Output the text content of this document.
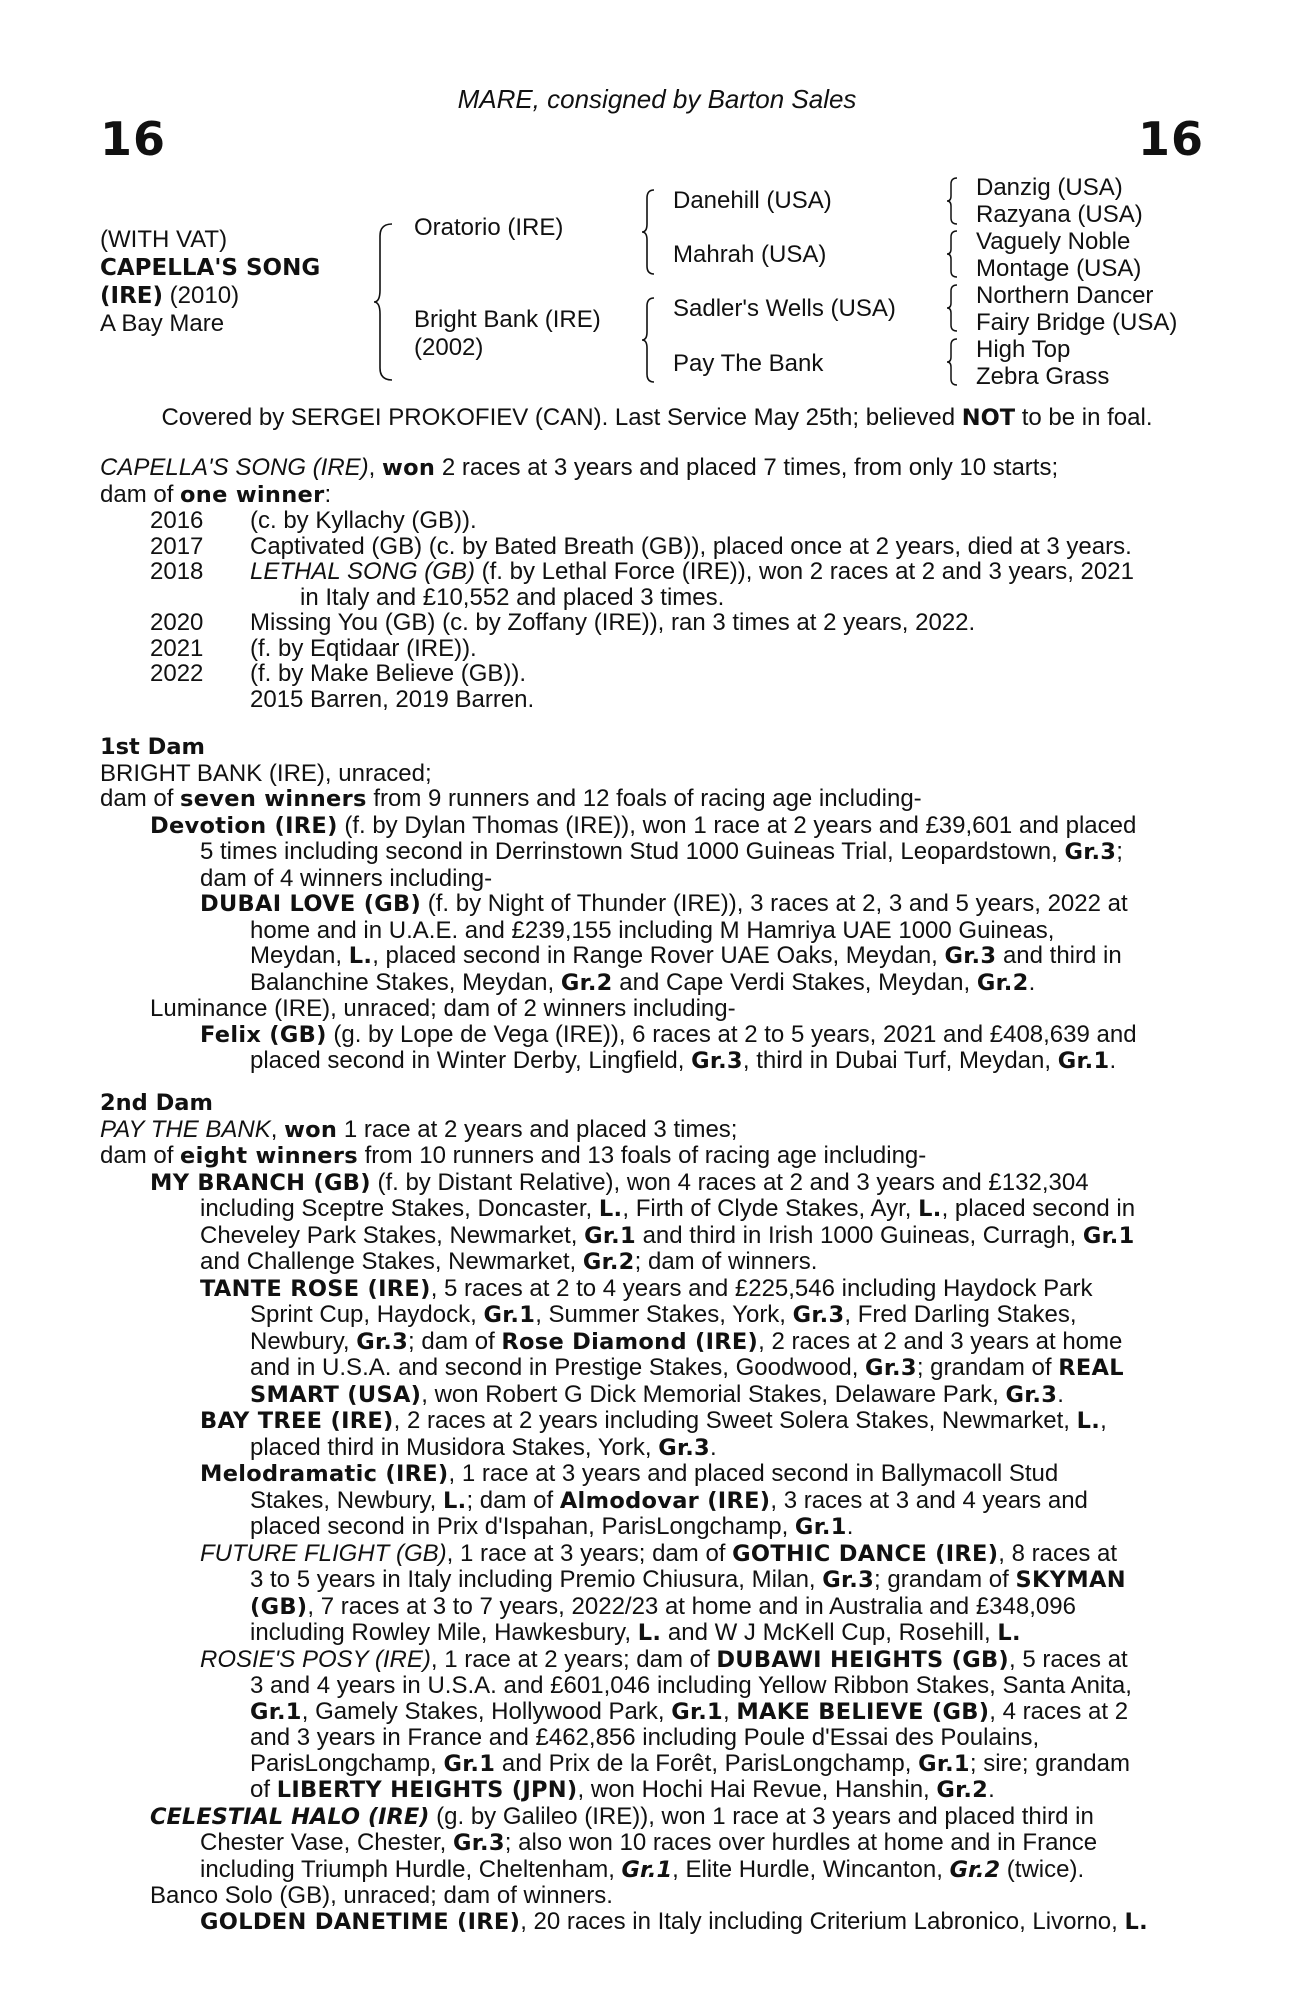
MARE, consigned by Barton Sales
16	16
(WITH VAT)
CAPELLA'S SONG
(IRE) (2010)
A Bay Mare
Oratorio (IRE)
Bright Bank (IRE)
(2002)
Danehill (USA)
Mahrah (USA)
Sadler's Wells (USA)
Pay The Bank
Danzig (USA)
Razyana (USA)
Vaguely Noble
Montage (USA)
Northern Dancer
Fairy Bridge (USA)
High Top
Zebra Grass
Covered by SERGEI PROKOFIEV (CAN). Last Service May 25th; believed NOT to be in foal.
CAPELLA'S SONG (IRE), won 2 races at 3 years and placed 7 times, from only 10 starts;
dam of one winner:
2016 (c. by Kyllachy (GB)).
2017 Captivated (GB) (c. by Bated Breath (GB)), placed once at 2 years, died at 3 years.
2018 LETHAL SONG (GB) (f. by Lethal Force (IRE)), won 2 races at 2 and 3 years, 2021
in Italy and £10,552 and placed 3 times.
2020 Missing You (GB) (c. by Zoffany (IRE)), ran 3 times at 2 years, 2022.
2021 (f. by Eqtidaar (IRE)).
2022 (f. by Make Believe (GB)).
2015 Barren, 2019 Barren.
1st Dam
BRIGHT BANK (IRE), unraced;
dam of seven winners from 9 runners and 12 foals of racing age including-
Devotion (IRE) (f. by Dylan Thomas (IRE)), won 1 race at 2 years and £39,601 and placed
5 times including second in Derrinstown Stud 1000 Guineas Trial, Leopardstown, Gr.3;
dam of 4 winners including-
DUBAI LOVE (GB) (f. by Night of Thunder (IRE)), 3 races at 2, 3 and 5 years, 2022 at
home and in U.A.E. and £239,155 including M Hamriya UAE 1000 Guineas,
Meydan, L., placed second in Range Rover UAE Oaks, Meydan, Gr.3 and third in
Balanchine Stakes, Meydan, Gr.2 and Cape Verdi Stakes, Meydan, Gr.2.
Luminance (IRE), unraced; dam of 2 winners including-
Felix (GB) (g. by Lope de Vega (IRE)), 6 races at 2 to 5 years, 2021 and £408,639 and
placed second in Winter Derby, Lingfield, Gr.3, third in Dubai Turf, Meydan, Gr.1.
2nd Dam
PAY THE BANK, won 1 race at 2 years and placed 3 times;
dam of eight winners from 10 runners and 13 foals of racing age including-
MY BRANCH (GB) (f. by Distant Relative), won 4 races at 2 and 3 years and £132,304
including Sceptre Stakes, Doncaster, L., Firth of Clyde Stakes, Ayr, L., placed second in
Cheveley Park Stakes, Newmarket, Gr.1 and third in Irish 1000 Guineas, Curragh, Gr.1
and Challenge Stakes, Newmarket, Gr.2; dam of winners.
TANTE ROSE (IRE), 5 races at 2 to 4 years and £225,546 including Haydock Park
Sprint Cup, Haydock, Gr.1, Summer Stakes, York, Gr.3, Fred Darling Stakes,
Newbury, Gr.3; dam of Rose Diamond (IRE), 2 races at 2 and 3 years at home
and in U.S.A. and second in Prestige Stakes, Goodwood, Gr.3; grandam of REAL
SMART (USA), won Robert G Dick Memorial Stakes, Delaware Park, Gr.3.
BAY TREE (IRE), 2 races at 2 years including Sweet Solera Stakes, Newmarket, L.,
placed third in Musidora Stakes, York, Gr.3.
Melodramatic (IRE), 1 race at 3 years and placed second in Ballymacoll Stud
Stakes, Newbury, L.; dam of Almodovar (IRE), 3 races at 3 and 4 years and
placed second in Prix d'Ispahan, ParisLongchamp, Gr.1.
FUTURE FLIGHT (GB), 1 race at 3 years; dam of GOTHIC DANCE (IRE), 8 races at
3 to 5 years in Italy including Premio Chiusura, Milan, Gr.3; grandam of SKYMAN
(GB), 7 races at 3 to 7 years, 2022/23 at home and in Australia and £348,096
including Rowley Mile, Hawkesbury, L. and W J McKell Cup, Rosehill, L.
ROSIE'S POSY (IRE), 1 race at 2 years; dam of DUBAWI HEIGHTS (GB), 5 races at
3 and 4 years in U.S.A. and £601,046 including Yellow Ribbon Stakes, Santa Anita,
Gr.1, Gamely Stakes, Hollywood Park, Gr.1, MAKE BELIEVE (GB), 4 races at 2
and 3 years in France and £462,856 including Poule d'Essai des Poulains,
ParisLongchamp, Gr.1 and Prix de la Forêt, ParisLongchamp, Gr.1; sire; grandam
of LIBERTY HEIGHTS (JPN), won Hochi Hai Revue, Hanshin, Gr.2.
CELESTIAL HALO (IRE) (g. by Galileo (IRE)), won 1 race at 3 years and placed third in
Chester Vase, Chester, Gr.3; also won 10 races over hurdles at home and in France
including Triumph Hurdle, Cheltenham, Gr.1, Elite Hurdle, Wincanton, Gr.2 (twice).
Banco Solo (GB), unraced; dam of winners.
GOLDEN DANETIME (IRE), 20 races in Italy including Criterium Labronico, Livorno, L.
